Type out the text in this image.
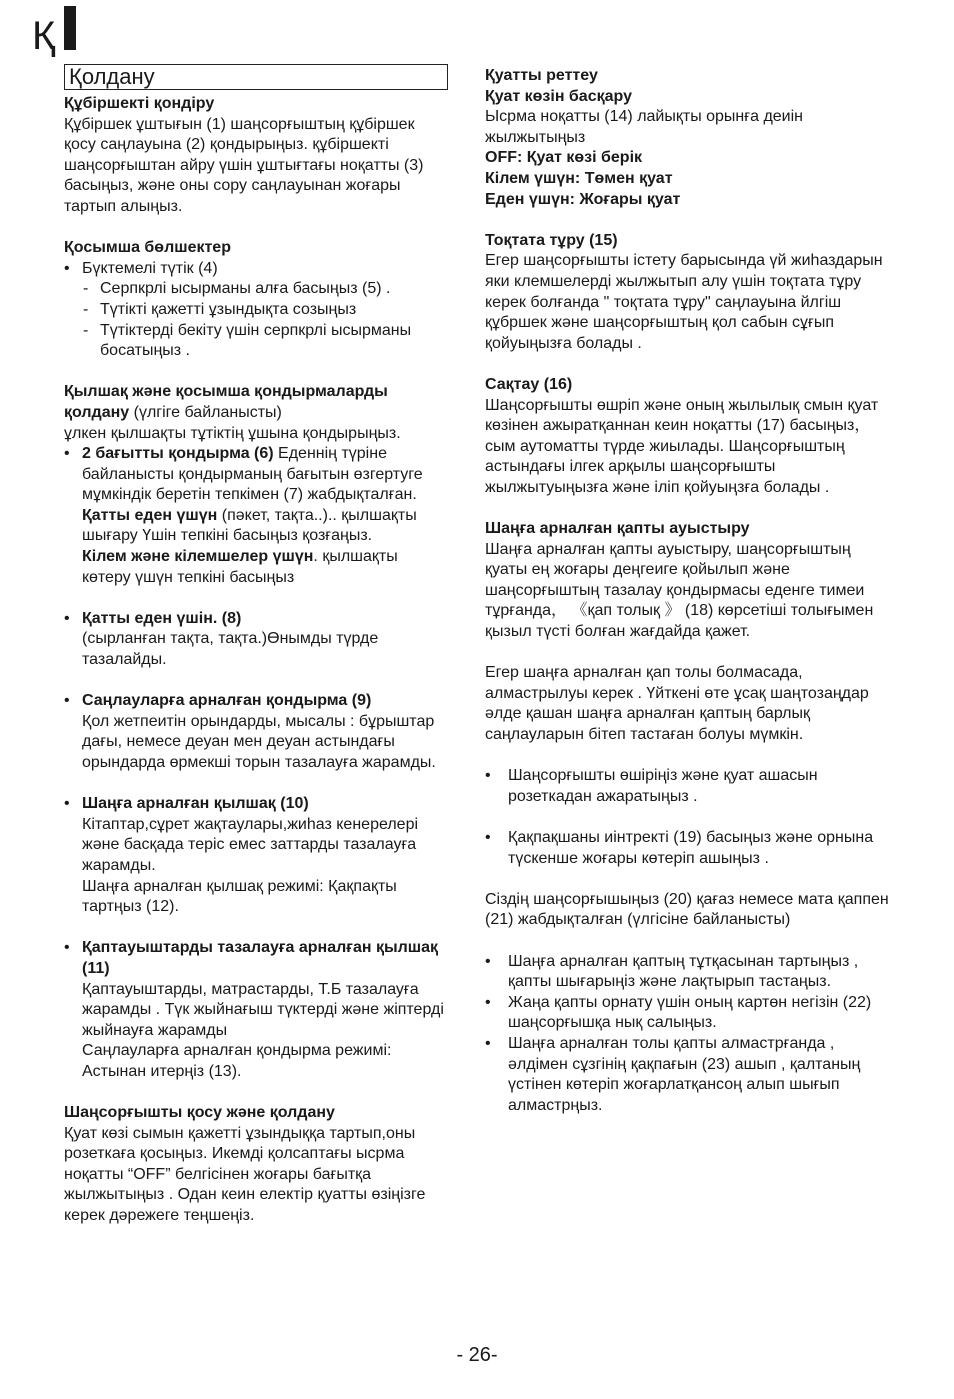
Қ
Қолдану

Құбіршекті қондіру

Құбіршек ұштығын (1) шаңсорғыштың құбіршек қосу саңлауына (2) қондырыңыз. құбіршекті шаңсорғыштан айру үшін ұштығтағы ноқатты (3) басыңыз, және оны сору саңлауынан жоғары тартып алыңыз.

Қосымша бөлшектер

• Бүктемелі түтік (4)
- Серпкрлі ысырманы алға басыңыз (5) .
- Түтікті қажетті ұзындықта созыңыз
- Түтіктерді бекіту үшін серпкрлі ысырманы босатыңыз .

Қылшақ және қосымша қондырмаларды қолдану (үлгіге байланысты)

ұлкен қылшақты тұтіктің ұшына қондырыңыз.

• 2 бағытты қондырма (6) Еденнің түріне байланысты қондырманың бағытын өзгертуге мұмкіндік беретін тепкімен (7) жабдықталған.
Қатты еден үшүн (пәкет, тақта..).. қылшақты шығару Үшін тепкіні басыңыз қозғаңыз.
Кілем және кілемшелер үшүн. қылшақты көтеру үшүн тепкіні басыңыз
• Қатты еден үшін. (8)
(сырланған тақта, тақта.)Өнымды түрде тазалайды.
• Саңлауларға арналған қондырма (9)
Қол жетпеитін орындарды, мысалы : бұрыштар дағы, немесе деуан мен деуан астындағы орындарда өрмекші торын тазалауға жарамды.
• Шаңға арналған қылшақ (10)
Кітаптар,сұрет жақтаулары,жиһаз кенерелері және басқада теріс емес заттарды тазалауға жарамды.
Шаңға арналған қылшақ режимі: Қақпақты тартңыз (12).
• Қаптауыштарды тазалауға арналған қылшақ (11)
Қаптауыштарды, матрастарды, Т.Б тазалауға жарамды . Түк жыйнағыш түктерді және жіптерді жыйнауға жарамды
Саңлауларға арналған қондырма режимі: Астынан итерңіз (13).

Шаңсорғышты қосу және қолдану

Қуат көзі сымын қажетті ұзындыққа тартып,оны розеткаға қосыңыз. Икемді қолсаптағы ысрма ноқатты “OFF” белгісінен жоғары бағытқа жылжытыңыз . Одан кеин електір қуатты өзіңізге керек дәрежеге теңшеңіз.

Қуатты реттеу

Қуат көзін басқару

Ысрма ноқатты (14) лайықты орынға деиін жылжытыңыз

OFF: Қуат көзі берік

Кілем үшүн: Төмен қуат

Еден үшүн: Жоғары қуат

Тоқтата тұру (15)

Егер шаңсорғышты істету барысында үй жиһаздарын яки клемшелерді жылжытып алу үшін тоқтата тұру керек болғанда " тоқтата тұру" саңлауына йлгіш құбршек және шаңсорғыштың қол сабын сұғып қойуыңызға болады .

Сақтау (16)

Шаңсорғышты өшріп және оның жылылық смын қуат көзінен ажыратқаннан кеин ноқатты (17) басыңыз，сым аутоматты түрде жиылады. Шаңсорғыштың астындағы ілгек арқылы шаңсорғышты жылжытуыңызға және іліп қойуыңзға болады .

Шаңға арналған қапты ауыстыру

Шаңға арналған қапты ауыстыру, шаңсорғыштың қуаты ең жоғары деңгеиге қойылып және шаңсорғыштың тазалау қондырмасы еденге тимеи тұрғанда， 《қап толық 》 (18) көрсетіші толығымен қызыл түсті болған жағдайда қажет.

Егер шаңға арналған қап толы болмасада, алмастрылуы керек . Үйткені өте ұсақ шаңтозаңдар әлде қашан шаңға арналған қаптың барлық саңлауларын бітеп тастаған болуы мүмкін.

• Шаңсорғышты өшіріңіз және қуат ашасын розеткадан ажаратыңыз .
• Қақпақшаны иінтректі (19) басыңыз және орнына түскенше жоғары көтеріп ашыңыз .

Сіздің шаңсорғышыңыз (20) қағаз немесе мата қаппен (21) жабдықталған (үлгісіне байланысты)

• Шаңға арналған қаптың тұтқасынан тартыңыз , қапты шығарыңіз және лақтырып тастаңыз.
• Жаңа қапты орнату үшін оның картөн негізін (22) шаңсорғышқа нық салыңыз.
• Шаңға арналған толы қапты алмастрғанда , әлдімен сұзгінің қақпағын (23) ашып , қалтаның үстінен көтеріп жоғарлатқансоң алып шығып алмастрңыз.
- 26-
